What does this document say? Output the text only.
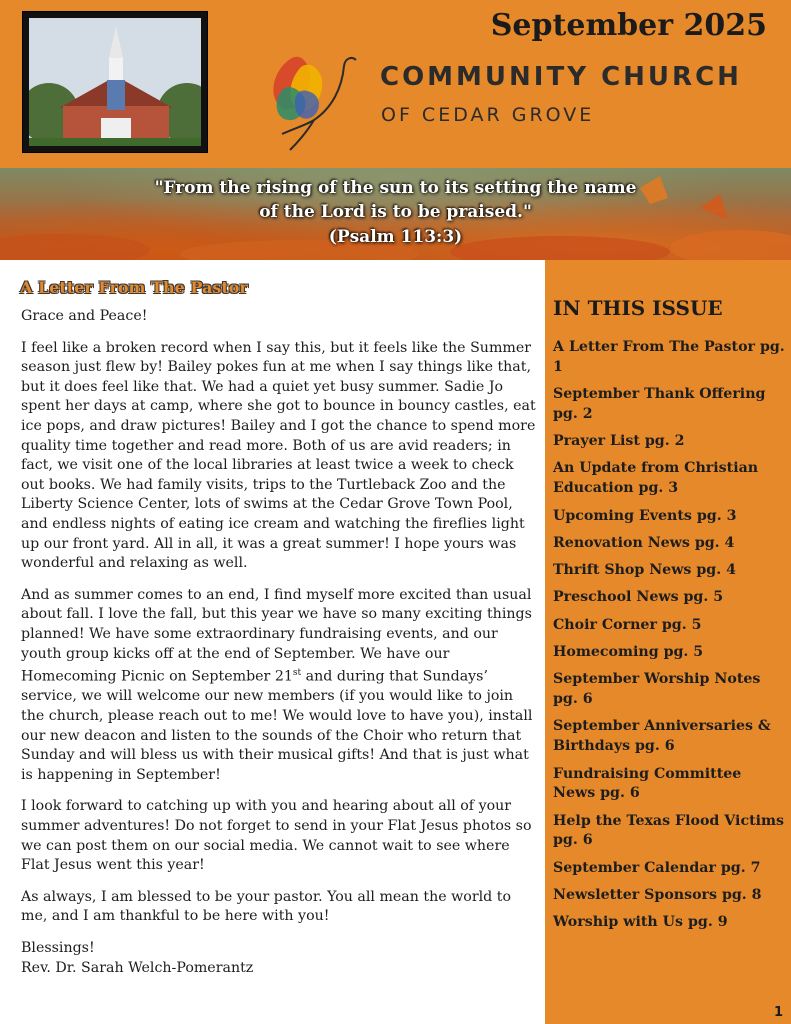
September 2025
COMMUNITY CHURCH
OF CEDAR GROVE
"From the rising of the sun to its setting the name
of the Lord is to be praised."
(Psalm 113:3)
A Letter From The Pastor

Grace and Peace!

I feel like a broken record when I say this, but it feels like the Summer season just flew by! Bailey pokes fun at me when I say things like that, but it does feel like that. We had a quiet yet busy summer. Sadie Jo spent her days at camp, where she got to bounce in bouncy castles, eat ice pops, and draw pictures! Bailey and I got the chance to spend more quality time together and read more. Both of us are avid readers; in fact, we visit one of the local libraries at least twice a week to check out books. We had family visits, trips to the Turtleback Zoo and the Liberty Science Center, lots of swims at the Cedar Grove Town Pool, and endless nights of eating ice cream and watching the fireflies light up our front yard. All in all, it was a great summer! I hope yours was wonderful and relaxing as well.

And as summer comes to an end, I find myself more excited than usual about fall. I love the fall, but this year we have so many exciting things planned! We have some extraordinary fundraising events, and our youth group kicks off at the end of September. We have our Homecoming Picnic on September 21st and during that Sundays’ service, we will welcome our new members (if you would like to join the church, please reach out to me! We would love to have you), install our new deacon and listen to the sounds of the Choir who return that Sunday and will bless us with their musical gifts! And that is just what is happening in September!

I look forward to catching up with you and hearing about all of your summer adventures! Do not forget to send in your Flat Jesus photos so we can post them on our social media. We cannot wait to see where Flat Jesus went this year!

As always, I am blessed to be your pastor. You all mean the world to me, and I am thankful to be here with you!

Blessings!

Rev. Dr. Sarah Welch-Pomerantz

IN THIS ISSUE
A Letter From The Pastor pg. 1
September Thank Offering pg. 2
Prayer List pg. 2
An Update from Christian Education pg. 3
Upcoming Events pg. 3
Renovation News pg. 4
Thrift Shop News pg. 4
Preschool News pg. 5
Choir Corner pg. 5
Homecoming pg. 5
September Worship Notes pg. 6
September Anniversaries & Birthdays pg. 6
Fundraising Committee News pg. 6
Help the Texas Flood Victims pg. 6
September Calendar pg. 7
Newsletter Sponsors pg. 8
Worship with Us pg. 9
1
